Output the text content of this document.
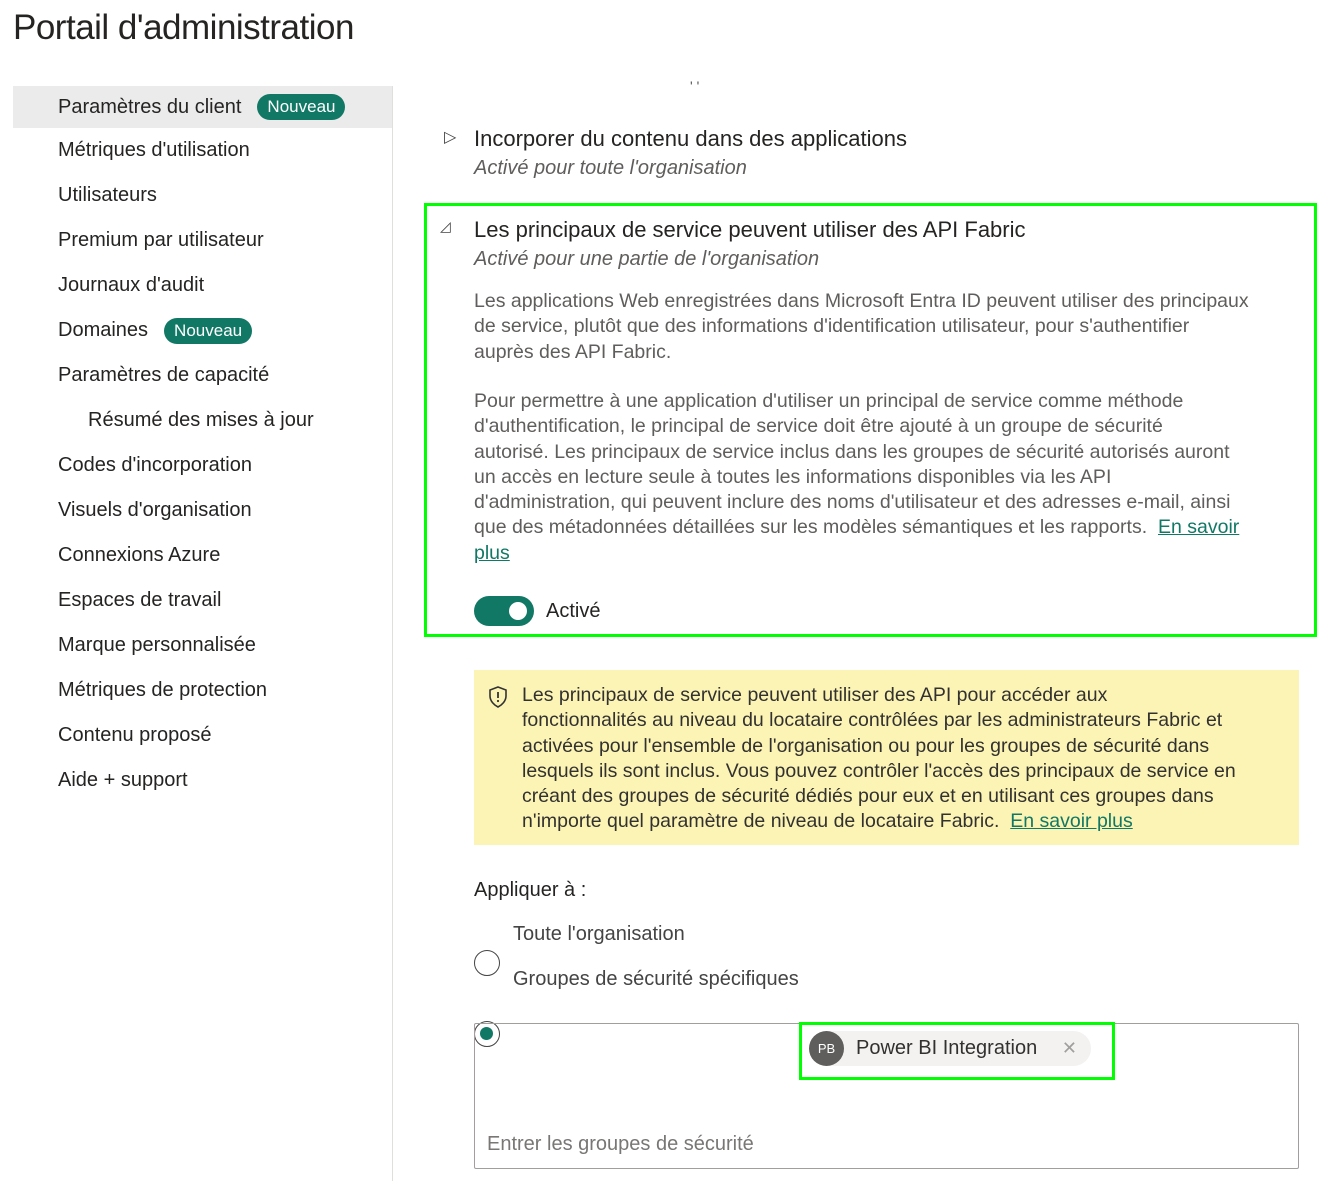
Portail d'administration
Paramètres du client	Nouveau
Métriques d'utilisation
Utilisateurs
Premium par utilisateur
Journaux d'audit
Domaines	Nouveau
Paramètres de capacité
Résumé des mises à jour
Codes d'incorporation
Visuels d'organisation
Connexions Azure
Espaces de travail
Marque personnalisée
Métriques de protection
Contenu proposé
Aide + support
' '
▷ Incorporer du contenu dans des applications
Activé pour toute l'organisation
◿ Les principaux de service peuvent utiliser des API Fabric
Activé pour une partie de l'organisation
Les applications Web enregistrées dans Microsoft Entra ID peuvent utiliser des principaux
de service, plutôt que des informations d'identification utilisateur, pour s'authentifier
auprès des API Fabric.
Pour permettre à une application d'utiliser un principal de service comme méthode
d'authentification, le principal de service doit être ajouté à un groupe de sécurité
autorisé. Les principaux de service inclus dans les groupes de sécurité autorisés auront
un accès en lecture seule à toutes les informations disponibles via les API
d'administration, qui peuvent inclure des noms d'utilisateur et des adresses e-mail, ainsi
que des métadonnées détaillées sur les modèles sémantiques et les rapports. En savoir
plus
Activé
Les principaux de service peuvent utiliser des API pour accéder aux
fonctionnalités au niveau du locataire contrôlées par les administrateurs Fabric et
activées pour l'ensemble de l'organisation ou pour les groupes de sécurité dans
lesquels ils sont inclus. Vous pouvez contrôler l'accès des principaux de service en
créant des groupes de sécurité dédiés pour eux et en utilisant ces groupes dans
n'importe quel paramètre de niveau de locataire Fabric. En savoir plus
Appliquer à :
Toute l'organisation
Groupes de sécurité spécifiques
Entrer les groupes de sécurité
PB	Power BI Integration ✕
